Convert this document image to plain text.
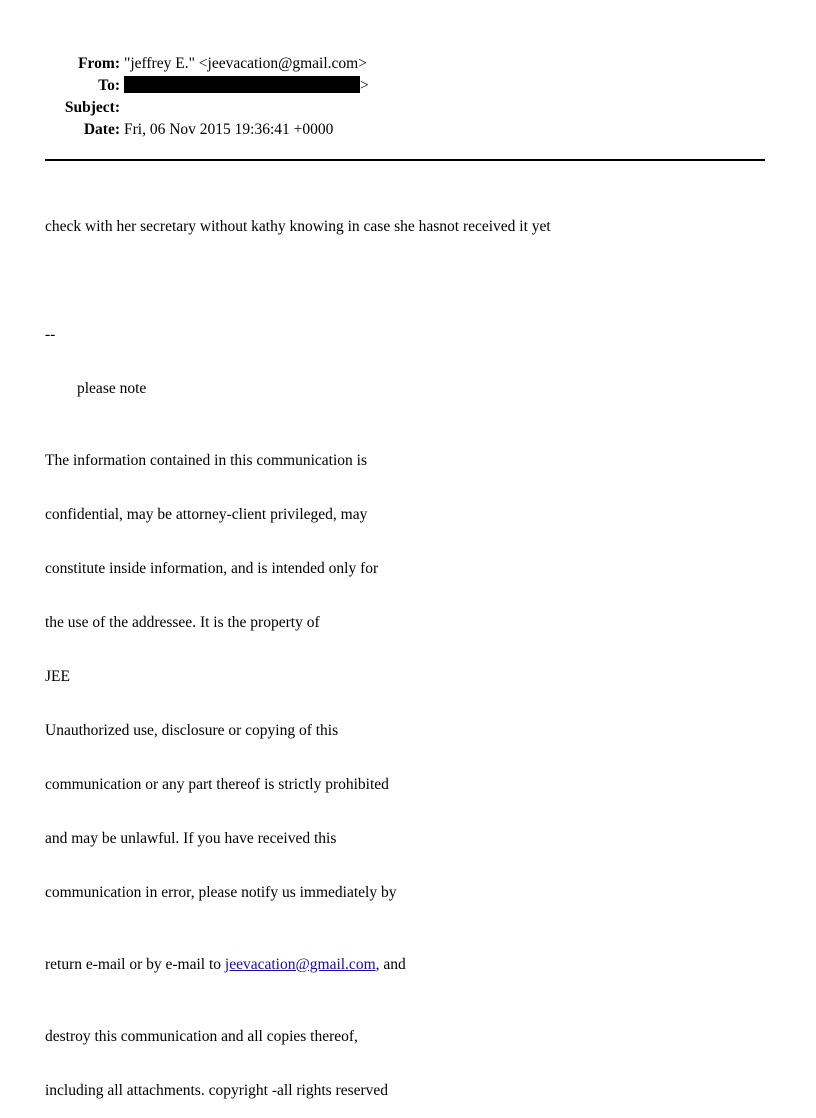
From: "jeffrey E." <jeevacation@gmail.com>
To:	>
Subject:
Date: Fri, 06 Nov 2015 19:36:41 +0000

check with her secretary without kathy knowing in case she hasnot received it yet

--

please note

The information contained in this communication is

confidential, may be attorney-client privileged, may

constitute inside information, and is intended only for

the use of the addressee. It is the property of

JEE

Unauthorized use, disclosure or copying of this

communication or any part thereof is strictly prohibited

and may be unlawful. If you have received this

communication in error, please notify us immediately by

return e-mail or by e-mail to jeevacation@gmail.com, and

destroy this communication and all copies thereof,

including all attachments. copyright -all rights reserved
